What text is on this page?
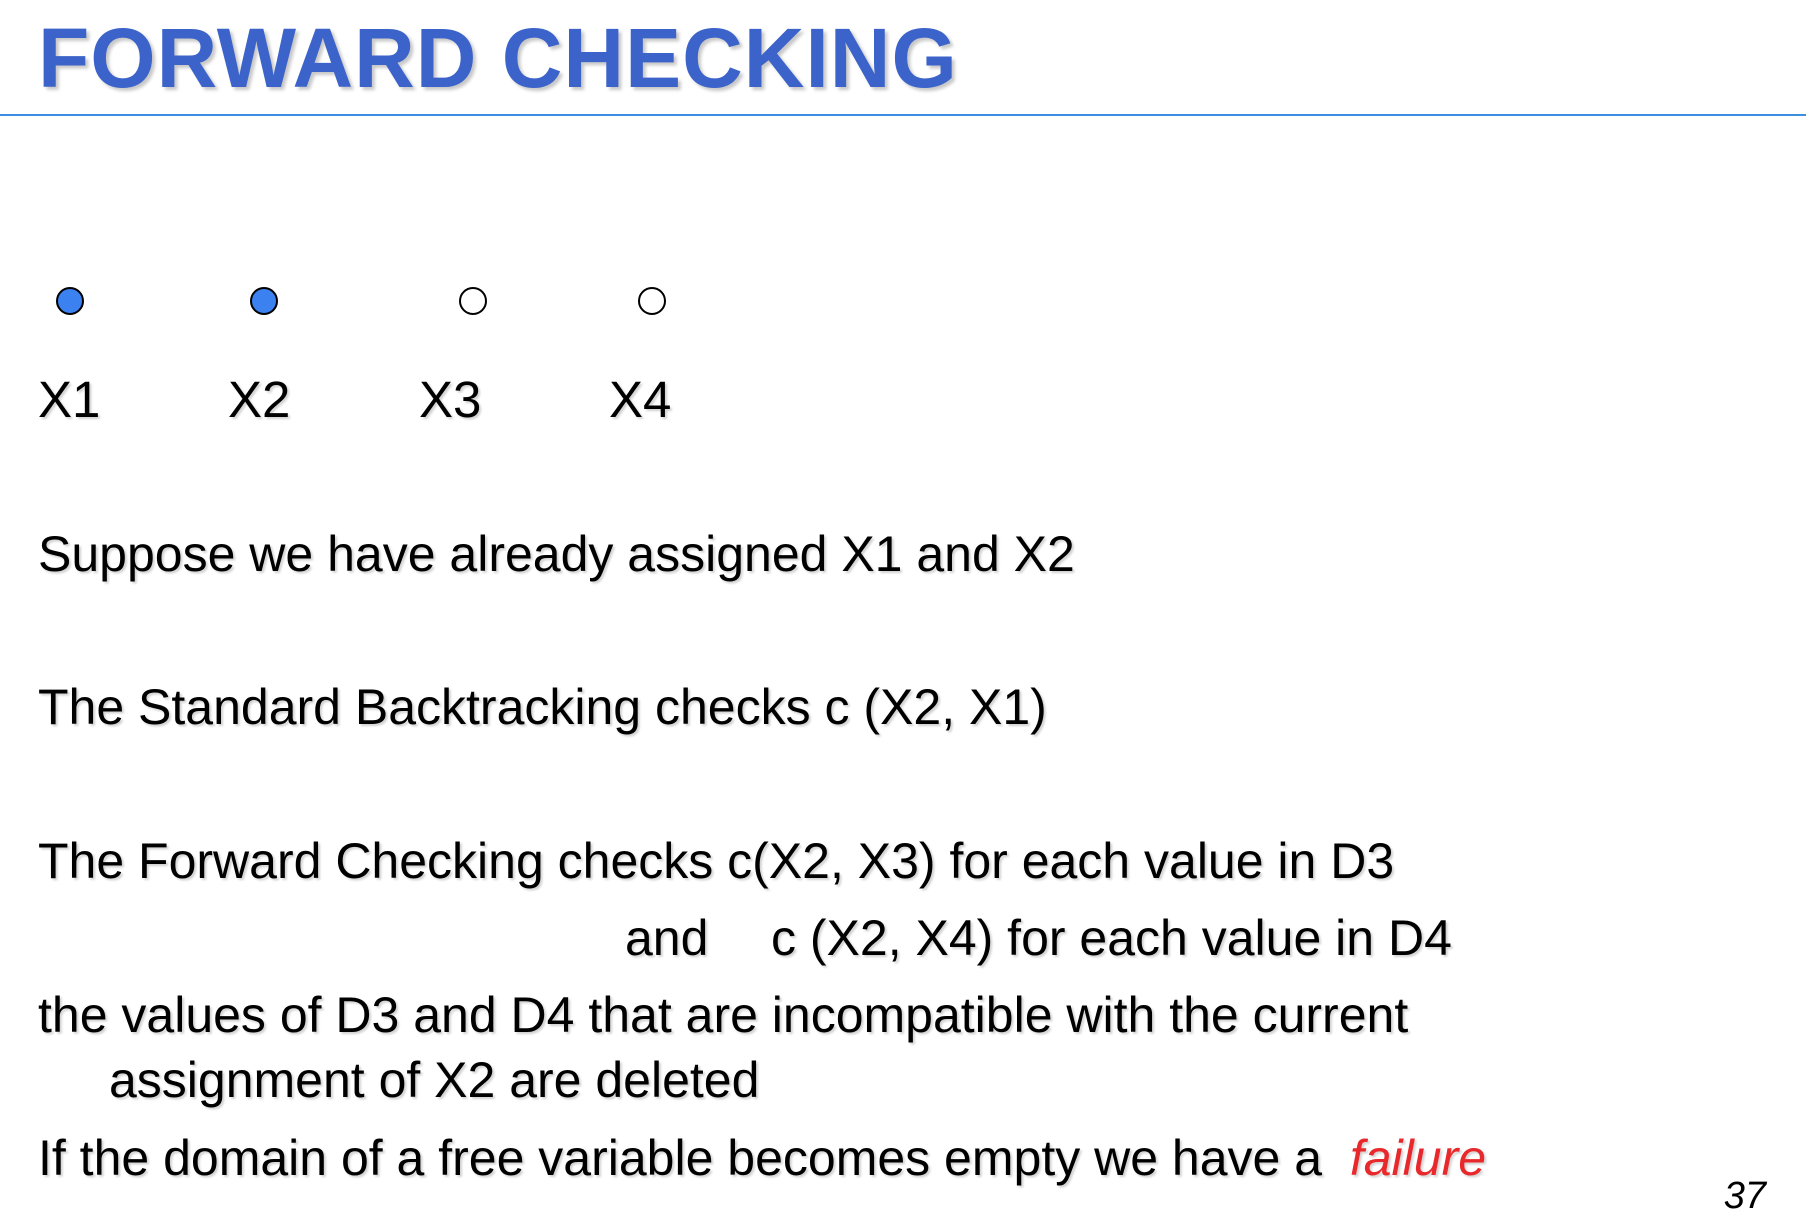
FORWARD CHECKING
X1	X2	X3	X4
Suppose we have already assigned X1 and X2
The Standard Backtracking checks c (X2, X1)
The Forward Checking checks c(X2, X3) for each value in D3
and c (X2, X4) for each value in D4
the values of D3 and D4 that are incompatible with the current
assignment of X2 are deleted
If the domain of a free variable becomes empty we have a failure
37
